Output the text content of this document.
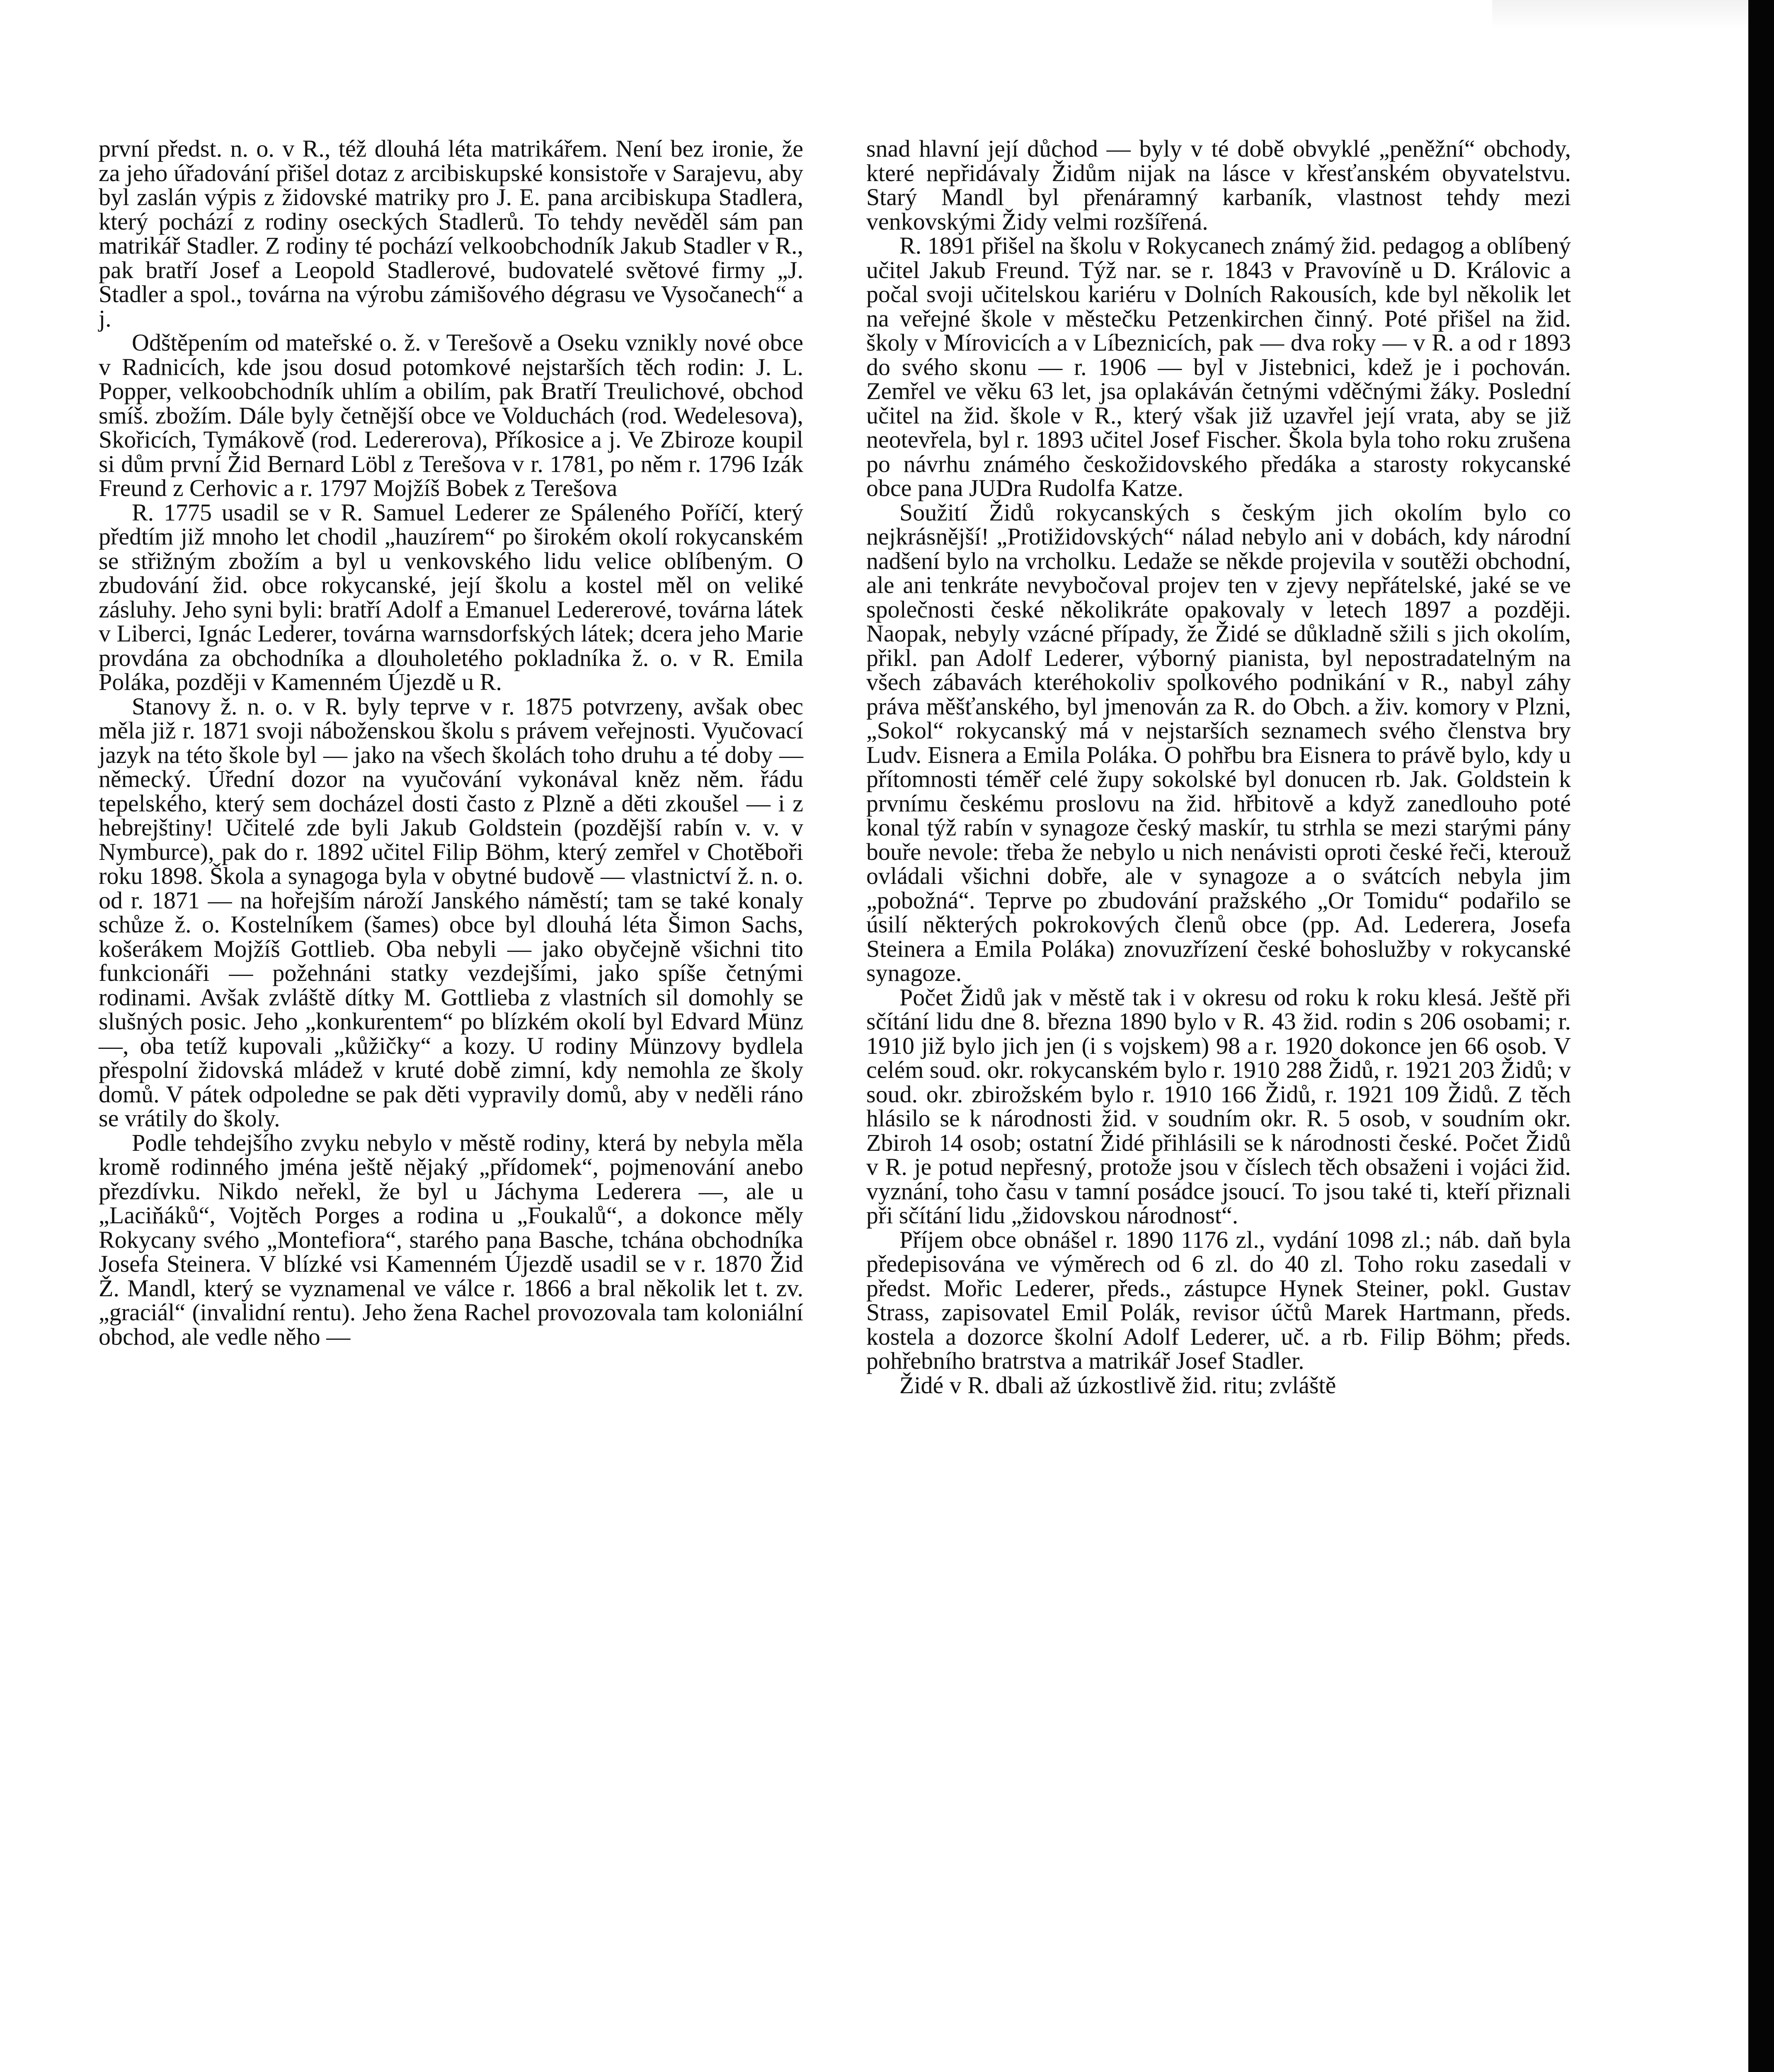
první předst. n. o. v R., též dlouhá léta matrikářem. Není bez ironie, že za jeho úřadování přišel dotaz z arcibiskupské konsistoře v Sarajevu, aby byl zaslán výpis z židovské matriky pro J. E. pana arcibiskupa Stadlera, který pochází z rodiny oseckých Stadlerů. To tehdy nevěděl sám pan matrikář Stadler. Z rodiny té pochází velkoobchodník Jakub Stadler v R., pak bratří Josef a Leopold Stadlerové, budovatelé světové firmy „J. Stadler a spol., továrna na výrobu zámišového dégrasu ve Vysočanech“ a j.

Odštěpením od mateřské o. ž. v Terešově a Oseku vznikly nové obce v Radnicích, kde jsou dosud potomkové nejstarších těch rodin: J. L. Popper, velkoobchodník uhlím a obilím, pak Bratří Treulichové, obchod smíš. zbožím. Dále byly četnější obce ve Volduchách (rod. Wedelesova), Skořicích, Tymákově (rod. Ledererova), Příkosice a j. Ve Zbiroze koupil si dům první Žid Bernard Löbl z Terešova v r. 1781, po něm r. 1796 Izák Freund z Cerhovic a r. 1797 Mojžíš Bobek z Terešova

R. 1775 usadil se v R. Samuel Lederer ze Spáleného Poříčí, který předtím již mnoho let chodil „hauzírem“ po širokém okolí rokycanském se střižným zbožím a byl u venkovského lidu velice oblíbeným. O zbudování žid. obce rokycanské, její školu a kostel měl on veliké zásluhy. Jeho syni byli: bratří Adolf a Emanuel Ledererové, továrna látek v Liberci, Ignác Lederer, továrna warnsdorfských látek; dcera jeho Marie provdána za obchodníka a dlouholetého pokladníka ž. o. v R. Emila Poláka, později v Kamenném Újezdě u R.

Stanovy ž. n. o. v R. byly teprve v r. 1875 potvrzeny, avšak obec měla již r. 1871 svoji náboženskou školu s právem veřejnosti. Vyučovací jazyk na této škole byl — jako na všech školách toho druhu a té doby — německý. Úřední dozor na vyučování vykonával kněz něm. řádu tepelského, který sem docházel dosti často z Plzně a děti zkoušel — i z hebrejštiny! Učitelé zde byli Jakub Goldstein (pozdější rabín v. v. v Nymburce), pak do r. 1892 učitel Filip Böhm, který zemřel v Chotěboři roku 1898. Škola a synagoga byla v obytné budově — vlastnictví ž. n. o. od r. 1871 — na hořejším nároží Janského náměstí; tam se také konaly schůze ž. o. Kostelníkem (šames) obce byl dlouhá léta Šimon Sachs, košerákem Mojžíš Gottlieb. Oba nebyli — jako obyčejně všichni tito funkcionáři — požehnáni statky vezdejšími, jako spíše četnými rodinami. Avšak zvláště dítky M. Gottlieba z vlastních sil domohly se slušných posic. Jeho „konkurentem“ po blízkém okolí byl Edvard Münz —, oba tetíž kupovali „kůžičky“ a kozy. U rodiny Münzovy bydlela přespolní židovská mládež v kruté době zimní, kdy nemohla ze školy domů. V pátek odpoledne se pak děti vypravily domů, aby v neděli ráno se vrátily do školy.

Podle tehdejšího zvyku nebylo v městě rodiny, která by nebyla měla kromě rodinného jména ještě nějaký „přídomek“, pojmenování anebo přezdívku. Nikdo neřekl, že byl u Jáchyma Lederera —, ale u „Laciňáků“, Vojtěch Porges a rodina u „Foukalů“, a dokonce měly Rokycany svého „Montefiora“, starého pana Basche, tchána obchodníka Josefa Steinera. V blízké vsi Kamenném Újezdě usadil se v r. 1870 Žid Ž. Mandl, který se vyznamenal ve válce r. 1866 a bral několik let t. zv. „graciál“ (invalidní rentu). Jeho žena Rachel provozovala tam koloniální obchod, ale vedle něho —

snad hlavní její důchod — byly v té době obvyklé „peněžní“ obchody, které nepřidávaly Židům nijak na lásce v křesťanském obyvatelstvu. Starý Mandl byl přenáramný karbaník, vlastnost tehdy mezi venkovskými Židy velmi rozšířená.

R. 1891 přišel na školu v Rokycanech známý žid. pedagog a oblíbený učitel Jakub Freund. Týž nar. se r. 1843 v Pravovíně u D. Královic a počal svoji učitelskou kariéru v Dolních Rakousích, kde byl několik let na veřejné škole v městečku Petzenkirchen činný. Poté přišel na žid. školy v Mírovicích a v Líbeznicích, pak — dva roky — v R. a od r 1893 do svého skonu — r. 1906 — byl v Jistebnici, kdež je i pochován. Zemřel ve věku 63 let, jsa oplakáván četnými vděčnými žáky. Poslední učitel na žid. škole v R., který však již uzavřel její vrata, aby se již neotevřela, byl r. 1893 učitel Josef Fischer. Škola byla toho roku zrušena po návrhu známého českožidovského předáka a starosty rokycanské obce pana JUDra Rudolfa Katze.

Soužití Židů rokycanských s českým jich okolím bylo co nejkrásnější! „Protižidovských“ nálad nebylo ani v dobách, kdy národní nadšení bylo na vrcholku. Ledaže se někde projevila v soutěži obchodní, ale ani tenkráte nevybočoval projev ten v zjevy nepřátelské, jaké se ve společnosti české několikráte opakovaly v letech 1897 a později. Naopak, nebyly vzácné případy, že Židé se důkladně sžili s jich okolím, přikl. pan Adolf Lederer, výborný pianista, byl nepostradatelným na všech zábavách kteréhokoliv spolkového podnikání v R., nabyl záhy práva měšťanského, byl jmenován za R. do Obch. a živ. komory v Plzni, „Sokol“ rokycanský má v nejstarších seznamech svého členstva bry Ludv. Eisnera a Emila Poláka. O pohřbu bra Eisnera to právě bylo, kdy u přítomnosti téměř celé župy sokolské byl donucen rb. Jak. Goldstein k prvnímu českému proslovu na žid. hřbitově a když zanedlouho poté konal týž rabín v synagoze český maskír, tu strhla se mezi starými pány bouře nevole: třeba že nebylo u nich nenávisti oproti české řeči, kterouž ovládali všichni dobře, ale v synagoze a o svátcích nebyla jim „pobožná“. Teprve po zbudování pražského „Or Tomidu“ podařilo se úsilí některých pokrokových členů obce (pp. Ad. Lederera, Josefa Steinera a Emila Poláka) znovuzřízení české bohoslužby v rokycanské synagoze.

Počet Židů jak v městě tak i v okresu od roku k roku klesá. Ještě při sčítání lidu dne 8. března 1890 bylo v R. 43 žid. rodin s 206 osobami; r. 1910 již bylo jich jen (i s vojskem) 98 a r. 1920 dokonce jen 66 osob. V celém soud. okr. rokycanském bylo r. 1910 288 Židů, r. 1921 203 Židů; v soud. okr. zbirožském bylo r. 1910 166 Židů, r. 1921 109 Židů. Z těch hlásilo se k národnosti žid. v soudním okr. R. 5 osob, v soudním okr. Zbiroh 14 osob; ostatní Židé přihlásili se k národnosti české. Počet Židů v R. je potud nepřesný, protože jsou v číslech těch obsaženi i vojáci žid. vyznání, toho času v tamní posádce jsoucí. To jsou také ti, kteří přiznali při sčítání lidu „židovskou národnost“.

Příjem obce obnášel r. 1890 1176 zl., vydání 1098 zl.; náb. daň byla předepisována ve výměrech od 6 zl. do 40 zl. Toho roku zasedali v předst. Mořic Lederer, předs., zástupce Hynek Steiner, pokl. Gustav Strass, zapisovatel Emil Polák, revisor účtů Marek Hartmann, předs. kostela a dozorce školní Adolf Lederer, uč. a rb. Filip Böhm; předs. pohřebního bratrstva a matrikář Josef Stadler.

Židé v R. dbali až úzkostlivě žid. ritu; zvláště
